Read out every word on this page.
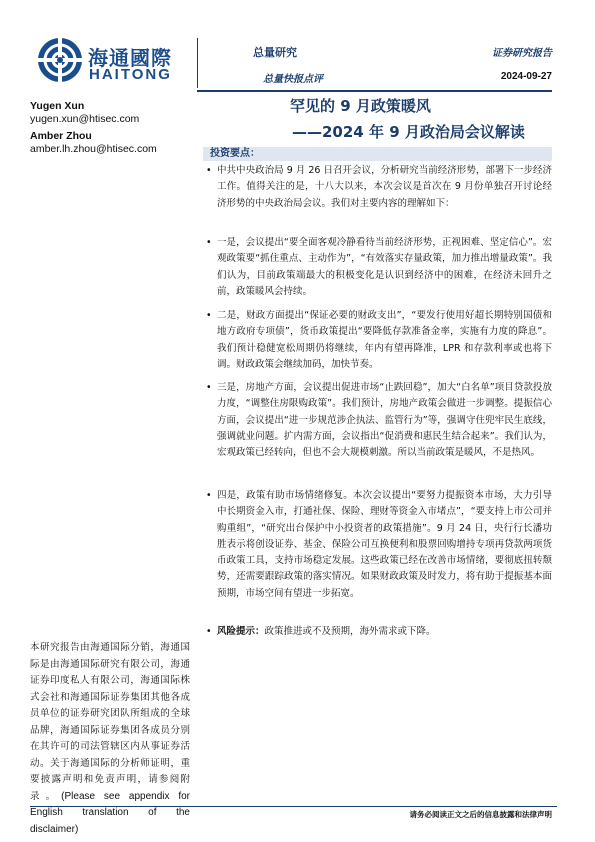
海通國際
HAITONG
总量研究
总量快报点评
证券研究报告
2024-09-27
Yugen Xun
yugen.xun@htisec.com
Amber Zhou
amber.lh.zhou@htisec.com
罕见的 9 月政策暖风
——2024 年 9 月政治局会议解读
投资要点：
• 中共中央政治局 9 月 26 日召开会议，分析研究当前经济形势，部署下一步经济工作。值得关注的是，十八大以来，本次会议是首次在 9 月份单独召开讨论经济形势的中央政治局会议。我们对主要内容的理解如下：
• 一是，会议提出“要全面客观冷静看待当前经济形势，正视困难、坚定信心”。宏观政策要“抓住重点、主动作为”，“有效落实存量政策，加力推出增量政策”。我们认为，目前政策端最大的积极变化是认识到经济中的困难，在经济未回升之前，政策暖风会持续。
• 二是，财政方面提出“保证必要的财政支出”，“要发行使用好超长期特别国债和地方政府专项债”，货币政策提出“要降低存款准备金率，实施有力度的降息”。我们预计稳健宽松周期仍将继续，年内有望再降准，LPR 和存款利率或也将下调。财政政策会继续加码，加快节奏。
• 三是，房地产方面，会议提出促进市场“止跌回稳”，加大“白名单”项目贷款投放力度，“调整住房限购政策”。我们预计，房地产政策会做进一步调整。提振信心方面，会议提出“进一步规范涉企执法、监管行为”等，强调守住兜牢民生底线，强调就业问题。扩内需方面，会议指出“促消费和惠民生结合起来”。我们认为，宏观政策已经转向，但也不会大规模刺激。所以当前政策是暖风，不是热风。
• 四是，政策有助市场情绪修复。本次会议提出“要努力提振资本市场，大力引导中长期资金入市，打通社保、保险、理财等资金入市堵点”，“要支持上市公司并购重组”，“研究出台保护中小投资者的政策措施”。9 月 24 日，央行行长潘功胜表示将创设证券、基金、保险公司互换便利和股票回购增持专项再贷款两项货币政策工具，支持市场稳定发展。这些政策已经在改善市场情绪，要彻底扭转颓势，还需要跟踪政策的落实情况。如果财政政策及时发力，将有助于提振基本面预期，市场空间有望进一步拓宽。
• 风险提示：政策推进或不及预期，海外需求或下降。
本研究报告由海通国际分销，海通国际是由海通国际研究有限公司，海通证券印度私人有限公司，海通国际株式会社和海通国际证券集团其他各成员单位的证券研究团队所组成的全球品牌，海通国际证券集团各成员分别在其许可的司法管辖区内从事证券活动。关于海通国际的分析师证明，重要披露声明和免责声明，请参阅附录。(Please see appendix for English translation of the disclaimer)
请务必阅读正文之后的信息披露和法律声明
